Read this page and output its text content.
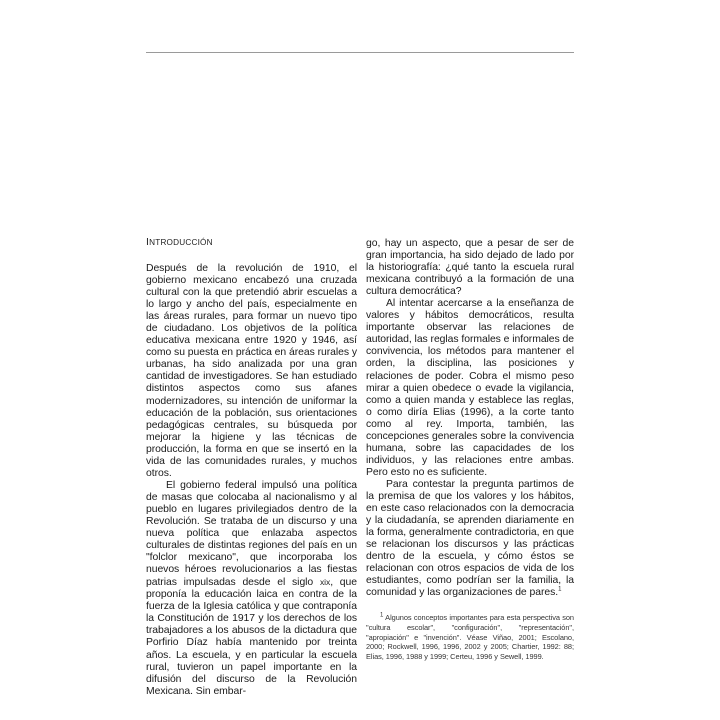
INTRODUCCIÓN

Después de la revolución de 1910, el gobierno mexicano encabezó una cruzada cultural con la que pretendió abrir escuelas a lo largo y ancho del país, especialmente en las áreas rurales, para formar un nuevo tipo de ciudadano. Los objetivos de la política educativa mexicana entre 1920 y 1946, así como su puesta en práctica en áreas rurales y urbanas, ha sido analizada por una gran cantidad de investigadores. Se han estudiado distintos aspectos como sus afanes modernizadores, su intención de uniformar la educación de la población, sus orientaciones pedagógicas centrales, su búsqueda por mejorar la higiene y las técnicas de producción, la forma en que se insertó en la vida de las comunidades rurales, y muchos otros.

El gobierno federal impulsó una política de masas que colocaba al nacionalismo y al pueblo en lugares privilegiados dentro de la Revolución. Se trataba de un discurso y una nueva política que enlazaba aspectos culturales de distintas regiones del país en un "folclor mexicano", que incorporaba los nuevos héroes revolucionarios a las fiestas patrias impulsadas desde el siglo xix, que proponía la educación laica en contra de la fuerza de la Iglesia católica y que contraponía la Constitución de 1917 y los derechos de los trabajadores a los abusos de la dictadura que Porfirio Díaz había mantenido por treinta años. La escuela, y en particular la escuela rural, tuvieron un papel importante en la difusión del discurso de la Revolución Mexicana. Sin embar-

go, hay un aspecto, que a pesar de ser de gran importancia, ha sido dejado de lado por la historiografía: ¿qué tanto la escuela rural mexicana contribuyó a la formación de una cultura democrática?

Al intentar acercarse a la enseñanza de valores y hábitos democráticos, resulta importante observar las relaciones de autoridad, las reglas formales e informales de convivencia, los métodos para mantener el orden, la disciplina, las posiciones y relaciones de poder. Cobra el mismo peso mirar a quien obedece o evade la vigilancia, como a quien manda y establece las reglas, o como diría Elias (1996), a la corte tanto como al rey. Importa, también, las concepciones generales sobre la convivencia humana, sobre las capacidades de los individuos, y las relaciones entre ambas. Pero esto no es suficiente.

Para contestar la pregunta partimos de la premisa de que los valores y los hábitos, en este caso relacionados con la democracia y la ciudadanía, se aprenden diariamente en la forma, generalmente contradictoria, en que se relacionan los discursos y las prácticas dentro de la escuela, y cómo éstos se relacionan con otros espacios de vida de los estudiantes, como podrían ser la familia, la comunidad y las organizaciones de pares.$^1$

$^1$ Algunos conceptos importantes para esta perspectiva son "cultura escolar", "configuración", "representación", "apropiación" e "invención". Véase Viñao, 2001; Escolano, 2000; Rockwell, 1996, 1996, 2002 y 2005; Chartier, 1992: 88; Elias, 1996, 1988 y 1999; Certeu, 1996 y Sewell, 1999.
